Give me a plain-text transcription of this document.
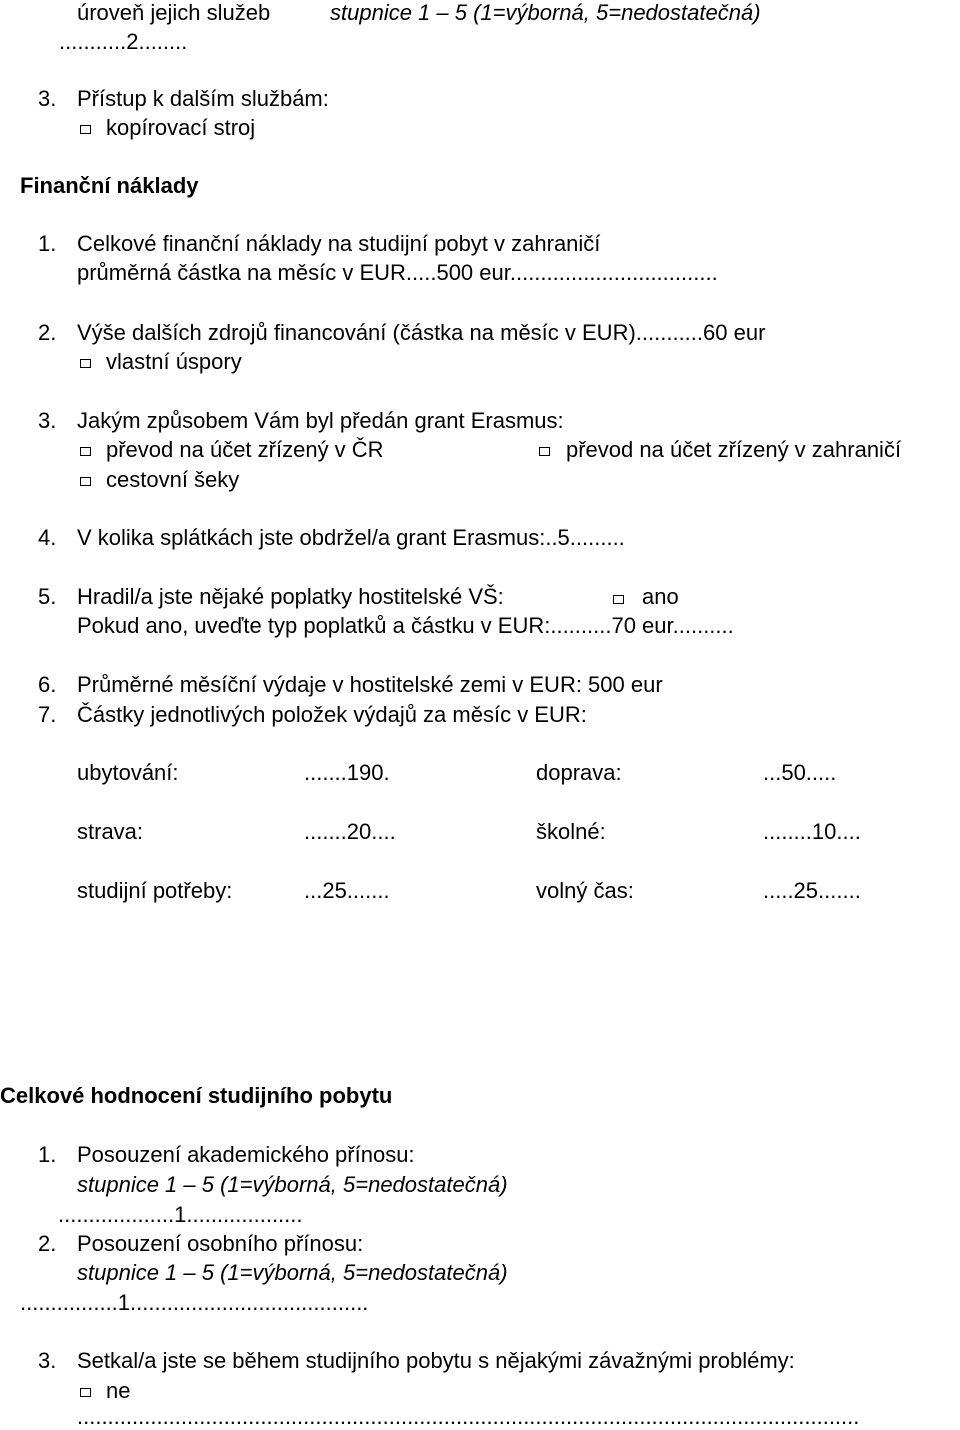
úroveň jejich služeb	stupnice 1 – 5 (1=výborná, 5=nedostatečná)
...........2........
3. Přístup k dalším službám:
kopírovací stroj
Finanční náklady
1. Celkové finanční náklady na studijní pobyt v zahraničí
průměrná částka na měsíc v EUR.....500 eur..................................
2. Výše dalších zdrojů financování (částka na měsíc v EUR)...........60 eur
vlastní úspory
3. Jakým způsobem Vám byl předán grant Erasmus:
převod na účet zřízený v ČR	převod na účet zřízený v zahraničí
cestovní šeky
4. V kolika splátkách jste obdržel/a grant Erasmus:..5.........
5. Hradil/a jste nějaké poplatky hostitelské VŠ:	ano
Pokud ano, uveďte typ poplatků a částku v EUR:..........70 eur..........
6. Průměrné měsíční výdaje v hostitelské zemi v EUR: 500 eur
7. Částky jednotlivých položek výdajů za měsíc v EUR:
ubytování:	.......190.	doprava:	...50.....
strava:	.......20....	školné:	........10....
studijní potřeby:	...25.......	volný čas:	.....25.......
Celkové hodnocení studijního pobytu
1. Posouzení akademického přínosu:
stupnice 1 – 5 (1=výborná, 5=nedostatečná)
...................1...................
2. Posouzení osobního přínosu:
stupnice 1 – 5 (1=výborná, 5=nedostatečná)
................1.......................................
3. Setkal/a jste se během studijního pobytu s nějakými závažnými problémy:
ne
................................................................................................................................
